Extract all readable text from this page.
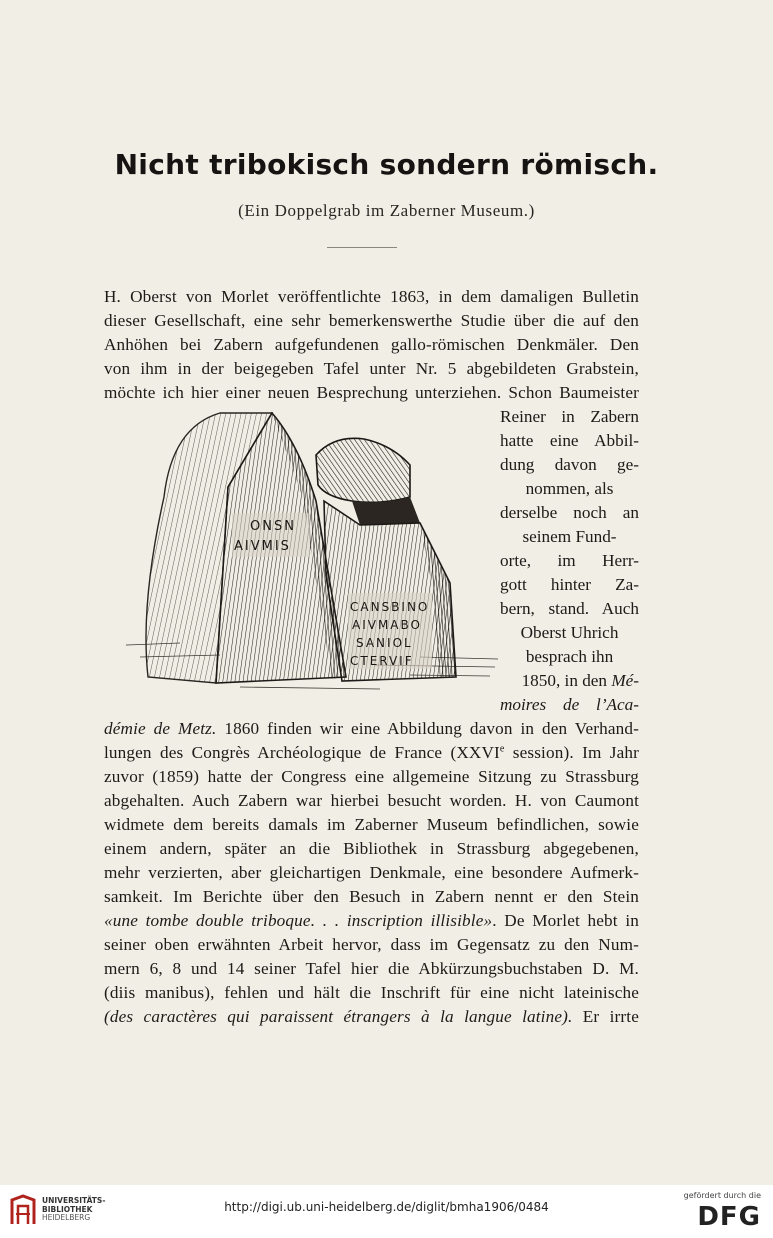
Nicht tribokisch sondern römisch.
(Ein Doppelgrab im Zaberner Museum.)
H. Oberst von Morlet veröffentlichte 1863, in dem damaligen Bulletin
dieser Gesellschaft, eine sehr bemerkenswerthe Studie über die auf den
Anhöhen bei Zabern aufgefundenen gallo-römischen Denkmäler. Den
von ihm in der beigegeben Tafel unter Nr. 5 abgebildeten Grabstein,
möchte ich hier einer neuen Besprechung unterziehen. Schon Baumeister
ONSN
AIVMIS
CANSBINO
AIVMABO
SANIOL
CTERVIF
Reiner in Zabern
hatte eine Abbil-
dung davon ge-
nommen, als
derselbe noch an
seinem Fund-
orte, im Herr-
gott hinter Za-
bern, stand. Auch
Oberst Uhrich
besprach ihn
1850, in den Mé-
moires de l’Aca-
démie de Metz. 1860 finden wir eine Abbildung davon in den Verhand-
lungen des Congrès Archéologique de France (XXVIe session). Im Jahr
zuvor (1859) hatte der Congress eine allgemeine Sitzung zu Strassburg
abgehalten. Auch Zabern war hierbei besucht worden. H. von Caumont
widmete dem bereits damals im Zaberner Museum befindlichen, sowie
einem andern, später an die Bibliothek in Strassburg abgegebenen,
mehr verzierten, aber gleichartigen Denkmale, eine besondere Aufmerk-
samkeit. Im Berichte über den Besuch in Zabern nennt er den Stein
«une tombe double triboque. . . inscription illisible». De Morlet hebt in
seiner oben erwähnten Arbeit hervor, dass im Gegensatz zu den Num-
mern 6, 8 und 14 seiner Tafel hier die Abkürzungsbuchstaben D. M.
(diis manibus), fehlen und hält die Inschrift für eine nicht lateinische
(des caractères qui paraissent étrangers à la langue latine). Er irrte
UNIVERSITÄTS-
BIBLIOTHEK
HEIDELBERG
http://digi.ub.uni-heidelberg.de/diglit/bmha1906/0484
gefördert durch die
DFG
